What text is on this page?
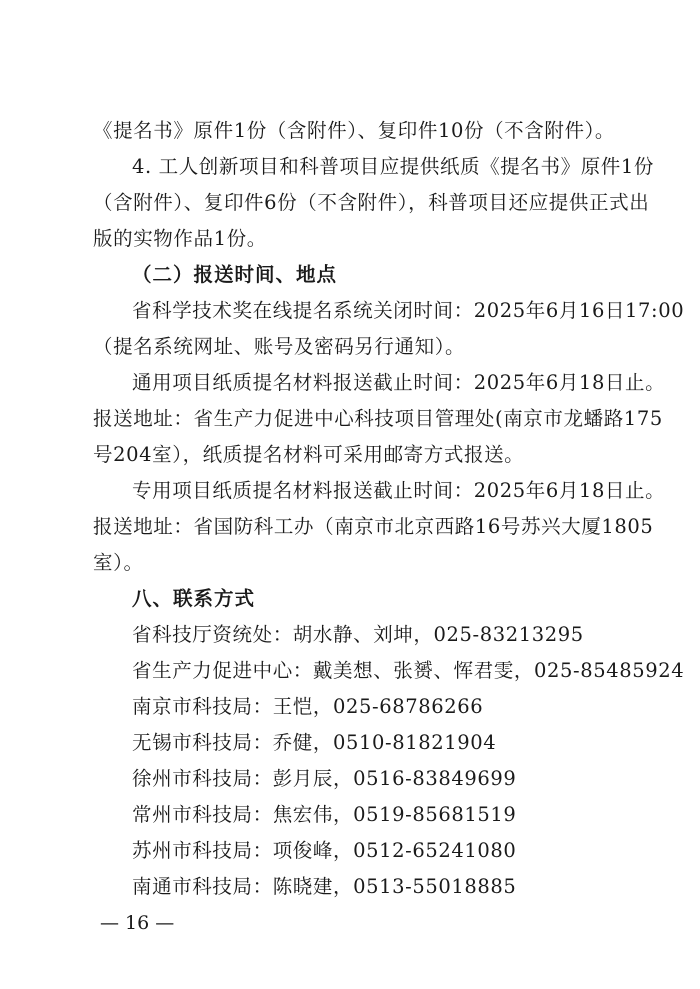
《提名书》原件1份（含附件）、复印件10份（不含附件）。
4. 工人创新项目和科普项目应提供纸质《提名书》原件1份
（含附件）、复印件6份（不含附件），科普项目还应提供正式出
版的实物作品1份。
（二）报送时间、地点
省科学技术奖在线提名系统关闭时间：2025年6月16日17:00
（提名系统网址、账号及密码另行通知）。
通用项目纸质提名材料报送截止时间：2025年6月18日止。
报送地址：省生产力促进中心科技项目管理处(南京市龙蟠路175
号204室），纸质提名材料可采用邮寄方式报送。
专用项目纸质提名材料报送截止时间：2025年6月18日止。
报送地址：省国防科工办（南京市北京西路16号苏兴大厦1805
室）。
八、联系方式
省科技厅资统处：胡水静、刘坤，025-83213295
省生产力促进中心：戴美想、张赟、恽君雯，025-85485924
南京市科技局：王恺，025-68786266
无锡市科技局：乔健，0510-81821904
徐州市科技局：彭月辰，0516-83849699
常州市科技局：焦宏伟，0519-85681519
苏州市科技局：项俊峰，0512-65241080
南通市科技局：陈晓建，0513-55018885
— 16 —
